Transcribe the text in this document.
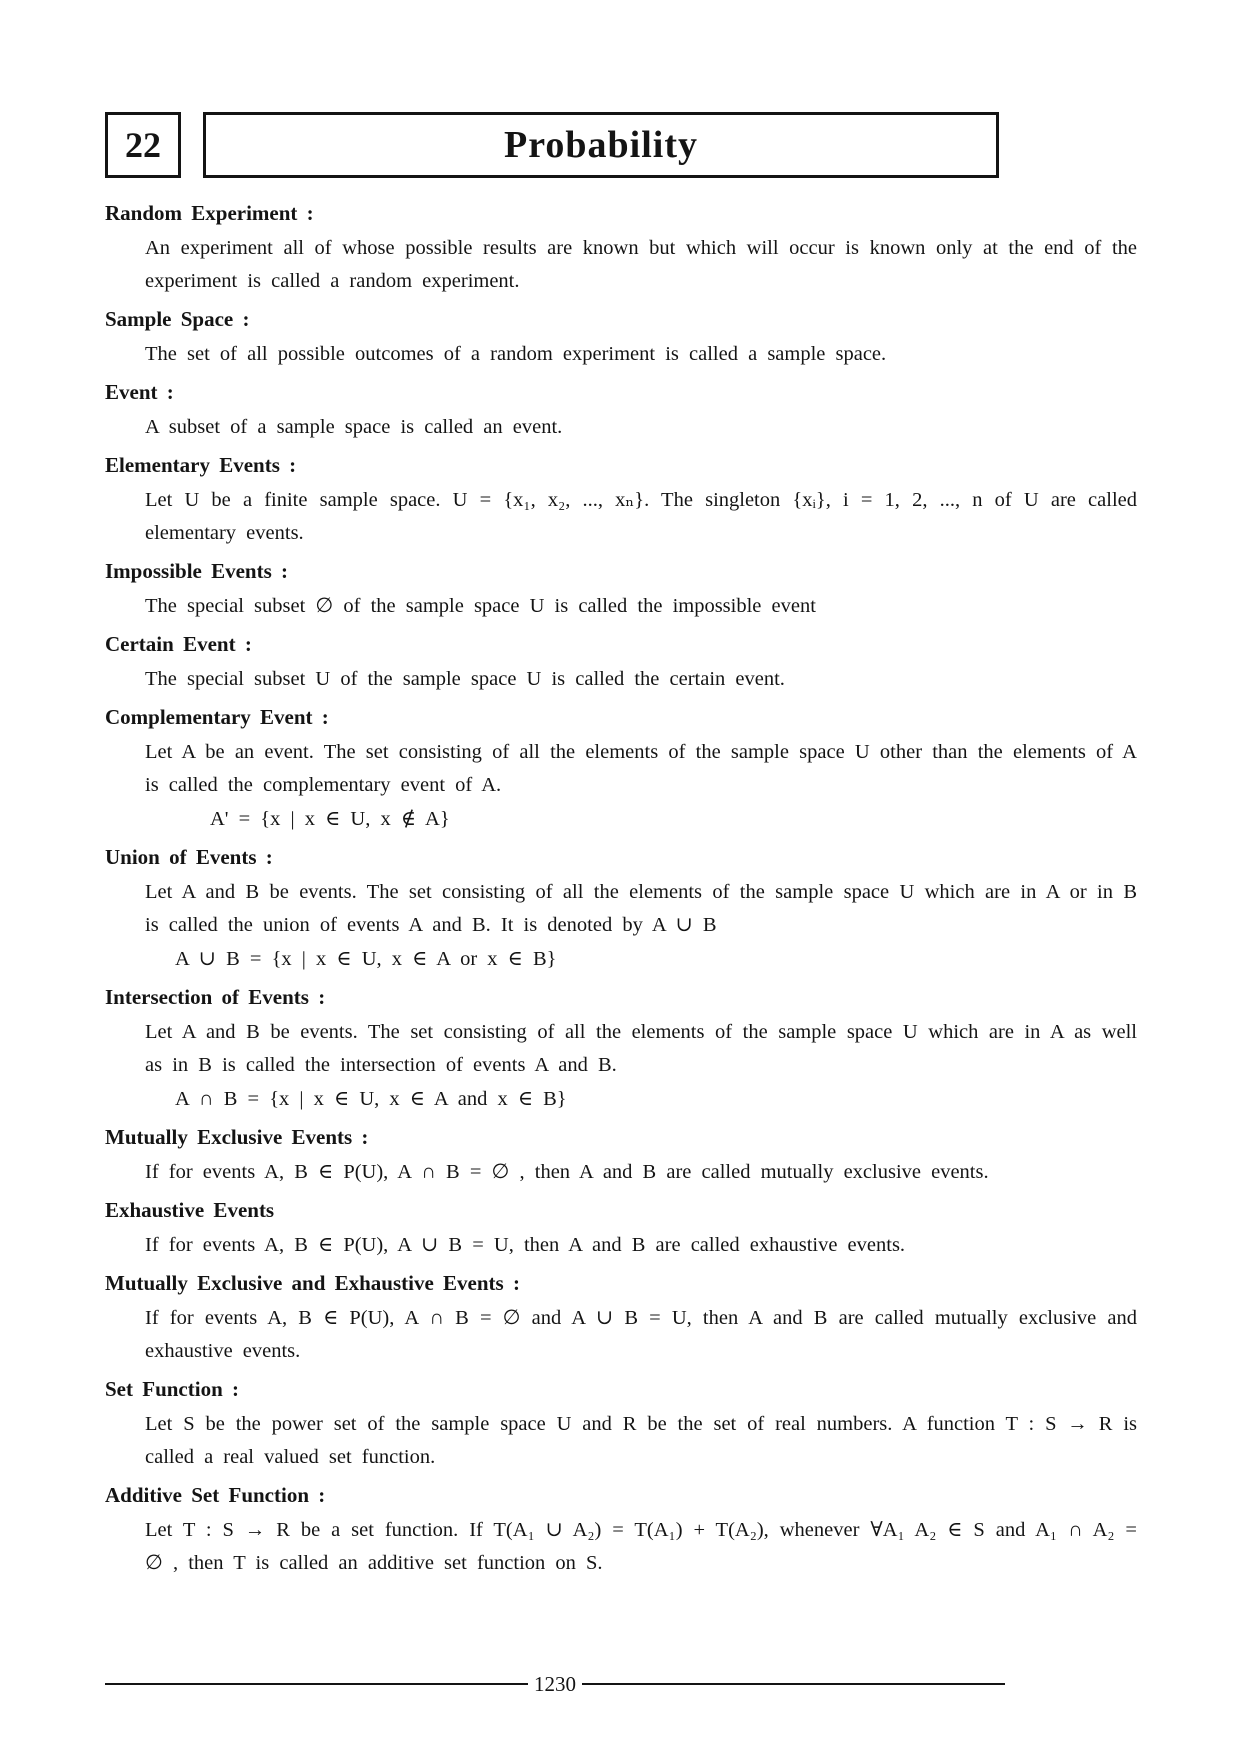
22	Probability
Random Experiment :

An experiment all of whose possible results are known but which will occur is known only at the end of the experiment is called a random experiment.

Sample Space :

The set of all possible outcomes of a random experiment is called a sample space.

Event :

A subset of a sample space is called an event.

Elementary Events :

Let U be a finite sample space. U = {x₁, x₂, ..., xₙ}. The singleton {xᵢ}, i = 1, 2, ..., n of U are called elementary events.

Impossible Events :

The special subset ∅ of the sample space U is called the impossible event

Certain Event :

The special subset U of the sample space U is called the certain event.

Complementary Event :

Let A be an event. The set consisting of all the elements of the sample space U other than the elements of A is called the complementary event of A.

A' = {x | x ∈ U, x ∉ A}

Union of Events :

Let A and B be events. The set consisting of all the elements of the sample space U which are in A or in B is called the union of events A and B. It is denoted by A ∪ B

A ∪ B = {x | x ∈ U, x ∈ A or x ∈ B}

Intersection of Events :

Let A and B be events. The set consisting of all the elements of the sample space U which are in A as well as in B is called the intersection of events A and B.

A ∩ B = {x | x ∈ U, x ∈ A and x ∈ B}

Mutually Exclusive Events :

If for events A, B ∈ P(U), A ∩ B = ∅ , then A and B are called mutually exclusive events.

Exhaustive Events

If for events A, B ∈ P(U), A ∪ B = U, then A and B are called exhaustive events.

Mutually Exclusive and Exhaustive Events :

If for events A, B ∈ P(U), A ∩ B = ∅ and A ∪ B = U, then A and B are called mutually exclusive and exhaustive events.

Set Function :

Let S be the power set of the sample space U and R be the set of real numbers. A function T : S → R is called a real valued set function.

Additive Set Function :

Let T : S → R be a set function. If T(A₁ ∪ A₂) = T(A₁) + T(A₂), whenever ∀A₁ A₂ ∈ S and A₁ ∩ A₂ = ∅ , then T is called an additive set function on S.

1230
